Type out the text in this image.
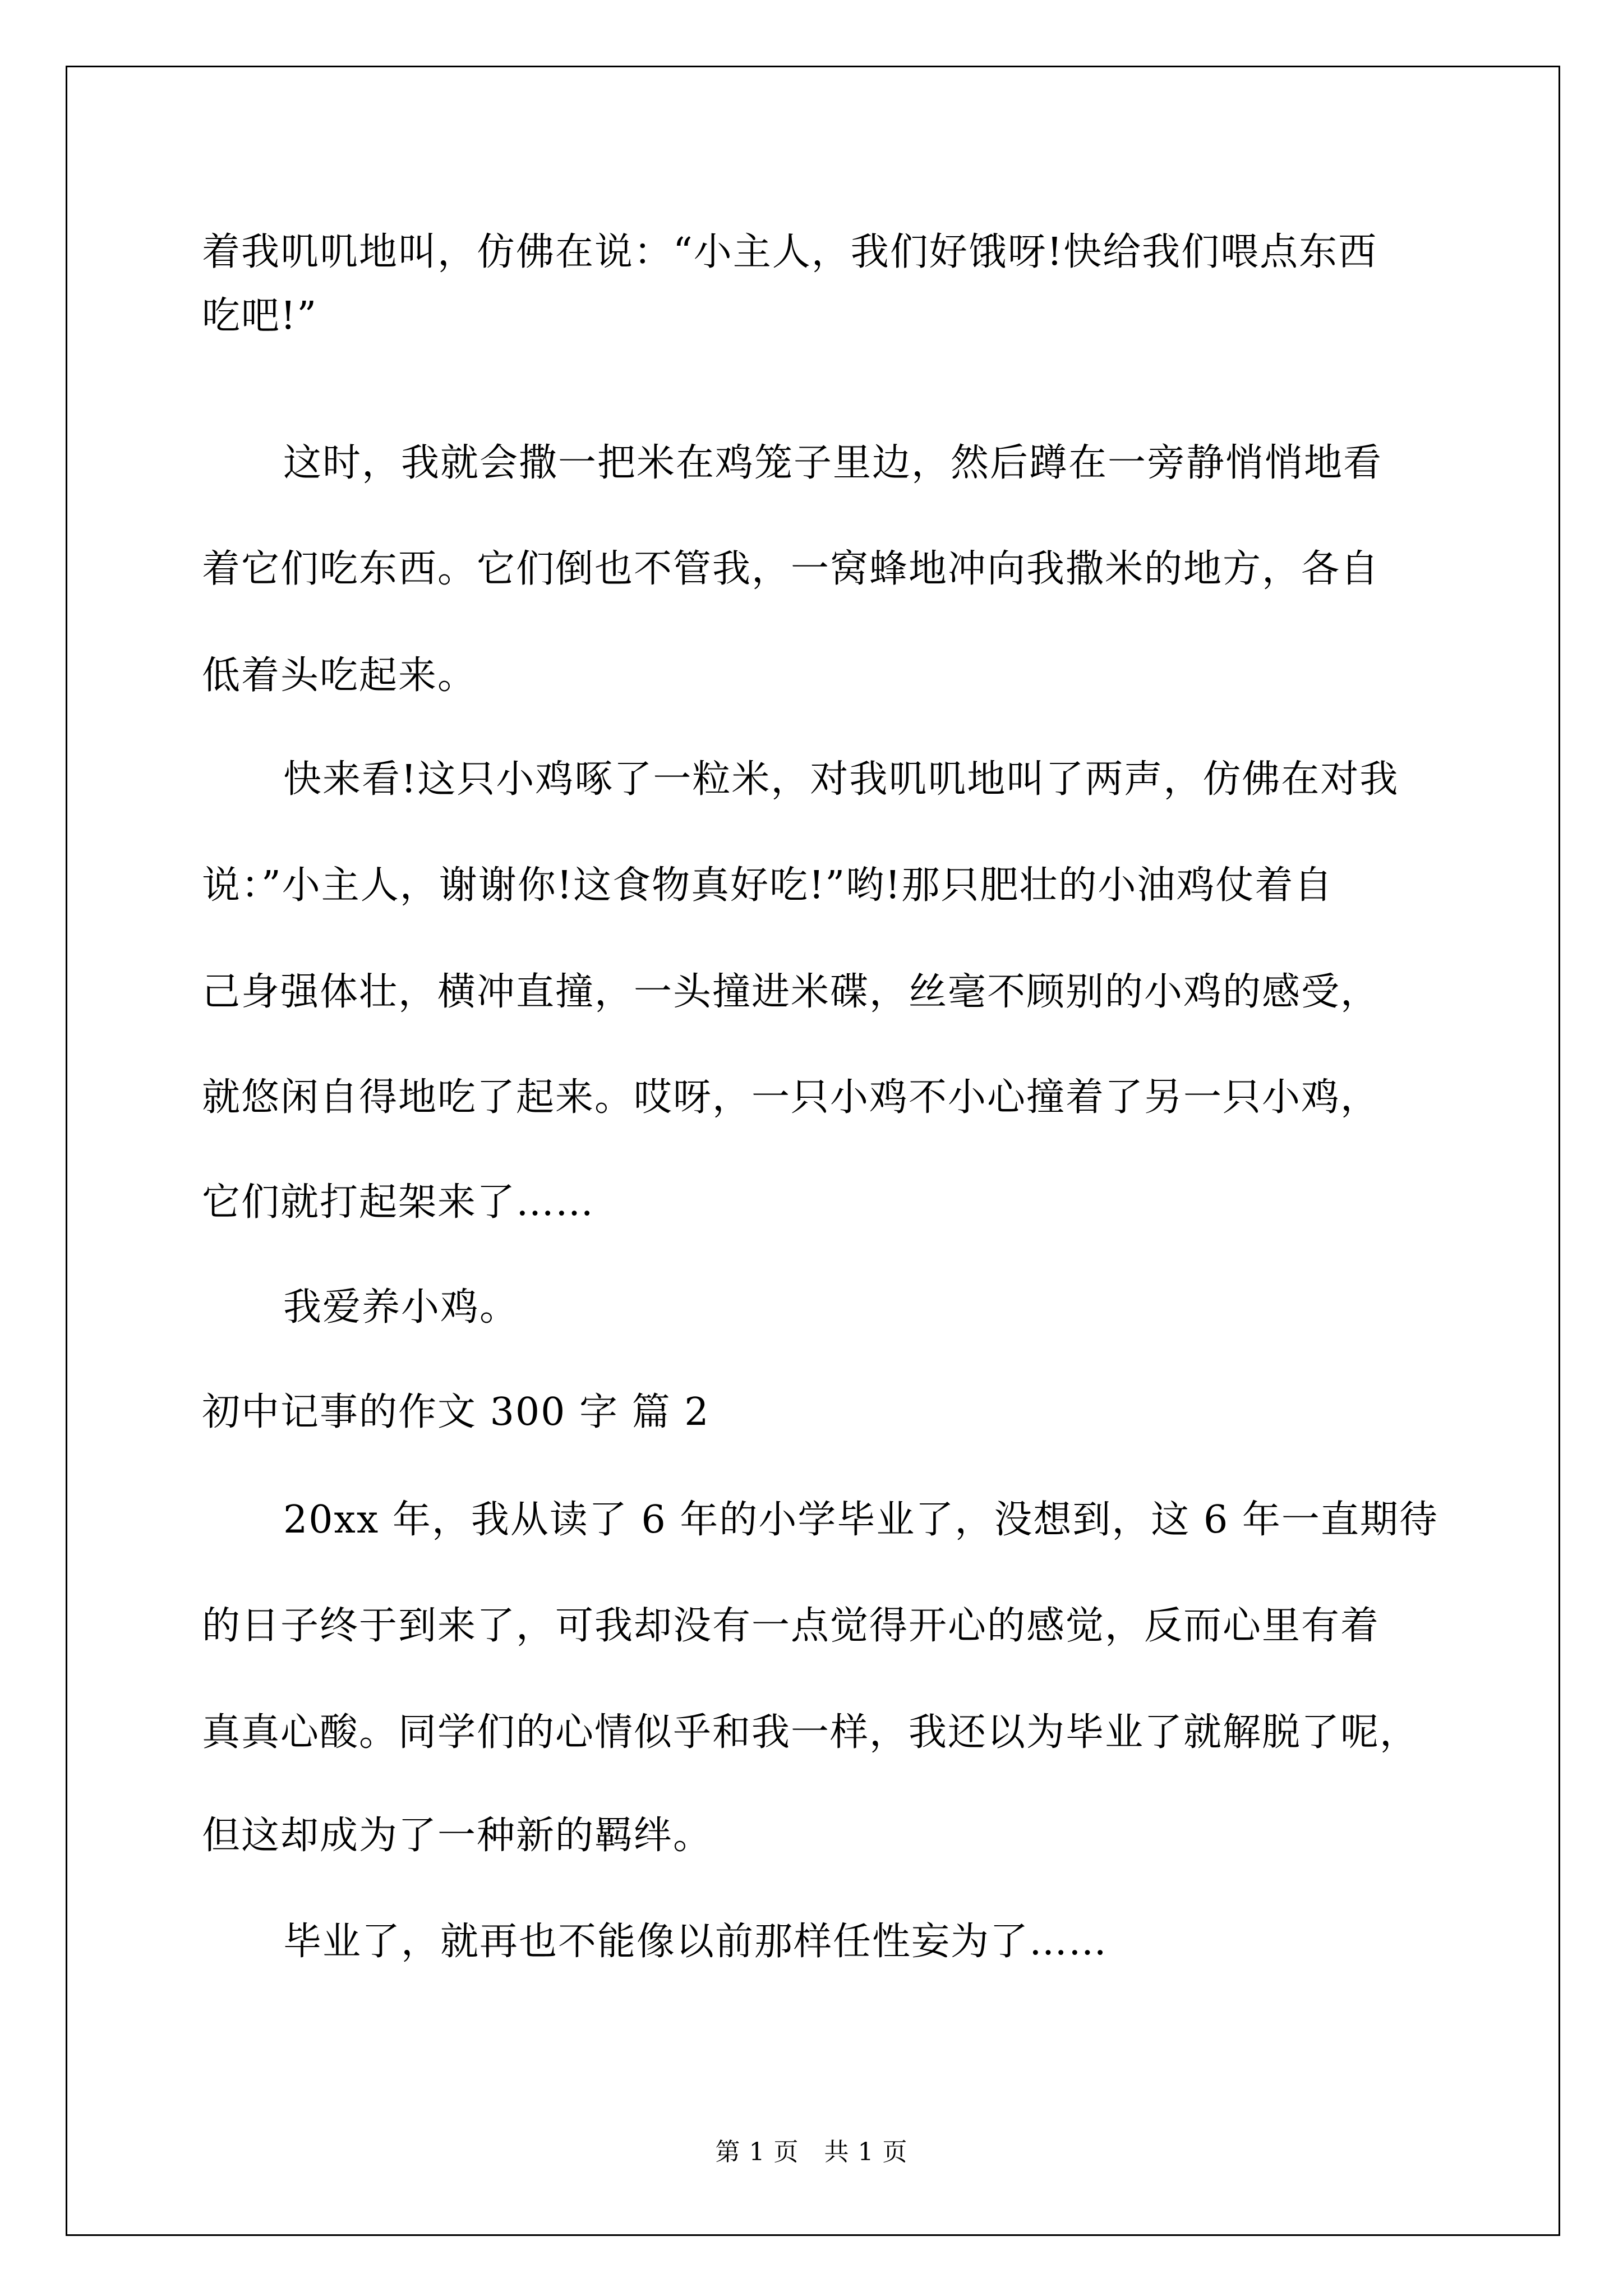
着我叽叽地叫，仿佛在说：“小主人，我们好饿呀!快给我们喂点东西
吃吧!”
这时，我就会撒一把米在鸡笼子里边，然后蹲在一旁静悄悄地看
着它们吃东西。它们倒也不管我，一窝蜂地冲向我撒米的地方，各自
低着头吃起来。
快来看!这只小鸡啄了一粒米，对我叽叽地叫了两声，仿佛在对我
说：”小主人，谢谢你!这食物真好吃!”哟!那只肥壮的小油鸡仗着自
己身强体壮，横冲直撞，一头撞进米碟，丝毫不顾别的小鸡的感受，
就悠闲自得地吃了起来。哎呀，一只小鸡不小心撞着了另一只小鸡，
它们就打起架来了……
我爱养小鸡。
初中记事的作文 300 字 篇 2
20xx 年，我从读了 6 年的小学毕业了，没想到，这 6 年一直期待
的日子终于到来了，可我却没有一点觉得开心的感觉，反而心里有着
真真心酸。同学们的心情似乎和我一样，我还以为毕业了就解脱了呢，
但这却成为了一种新的羁绊。
毕业了，就再也不能像以前那样任性妄为了……
第 1 页　共 1 页
